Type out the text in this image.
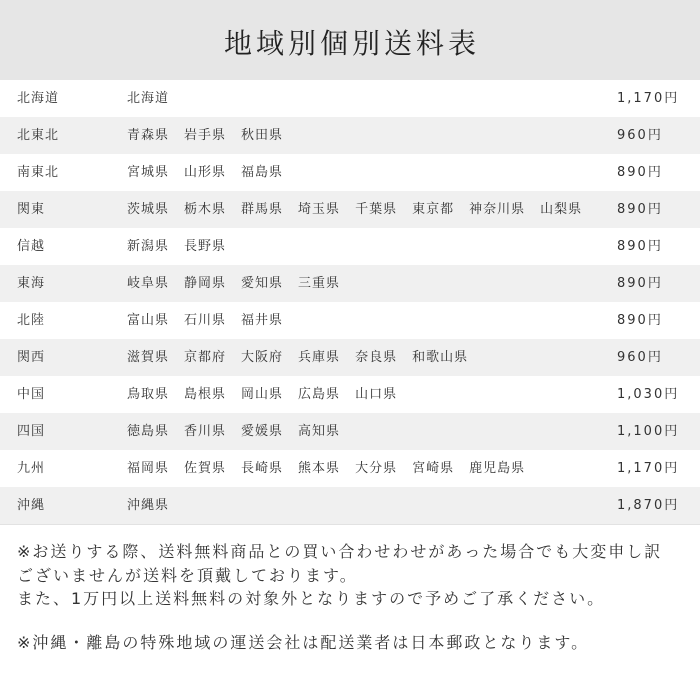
地域別個別送料表
北海道	北海道	1,170円
北東北	青森県 岩手県 秋田県	960円
南東北	宮城県 山形県 福島県	890円
関東	茨城県 栃木県 群馬県 埼玉県 千葉県 東京都 神奈川県 山梨県	890円
信越	新潟県 長野県	890円
東海	岐阜県 静岡県 愛知県 三重県	890円
北陸	富山県 石川県 福井県	890円
関西	滋賀県 京都府 大阪府 兵庫県 奈良県 和歌山県	960円
中国	鳥取県 島根県 岡山県 広島県 山口県	1,030円
四国	徳島県 香川県 愛媛県 高知県	1,100円
九州	福岡県 佐賀県 長崎県 熊本県 大分県 宮崎県 鹿児島県	1,170円
沖縄	沖縄県	1,870円

※お送りする際、送料無料商品との買い合わせわせがあった場合でも大変申し訳
ございませんが送料を頂戴しております。
また、1万円以上送料無料の対象外となりますので予めご了承ください。

※沖縄・離島の特殊地域の運送会社は配送業者は日本郵政となります。
